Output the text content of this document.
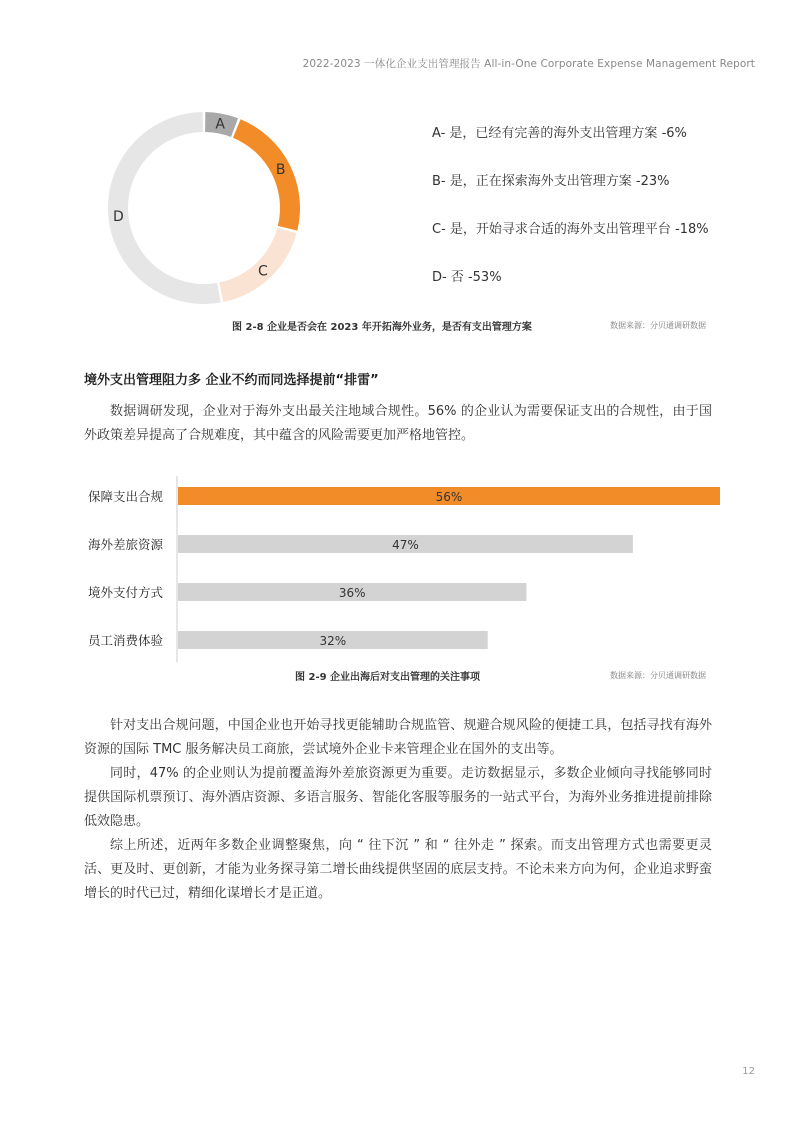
2022-2023 一体化企业支出管理报告 All-in-One Corporate Expense Management Report
A
B
C
D
A- 是，已经有完善的海外支出管理方案 -6%
B- 是，正在探索海外支出管理方案 -23%
C- 是，开始寻求合适的海外支出管理平台 -18%
D- 否 -53%
图 2-8 企业是否会在 2023 年开拓海外业务，是否有支出管理方案	数据来源：分贝通调研数据
境外支出管理阻力多 企业不约而同选择提前“排雷”
数据调研发现，企业对于海外支出最关注地域合规性。56% 的企业认为需要保证支出的合规性，由于国外政策差异提高了合规难度，其中蕴含的风险需要更加严格地管控。
保障支出合规	56%
海外差旅资源	47%
境外支付方式	36%
员工消费体验	32%
图 2-9 企业出海后对支出管理的关注事项	数据来源：分贝通调研数据
针对支出合规问题，中国企业也开始寻找更能辅助合规监管、规避合规风险的便捷工具，包括寻找有海外资源的国际 TMC 服务解决员工商旅，尝试境外企业卡来管理企业在国外的支出等。
同时，47% 的企业则认为提前覆盖海外差旅资源更为重要。走访数据显示，多数企业倾向寻找能够同时提供国际机票预订、海外酒店资源、多语言服务、智能化客服等服务的一站式平台，为海外业务推进提前排除低效隐患。
综上所述，近两年多数企业调整聚焦，向 “ 往下沉 ” 和 “ 往外走 ” 探索。而支出管理方式也需要更灵活、更及时、更创新，才能为业务探寻第二增长曲线提供坚固的底层支持。不论未来方向为何，企业追求野蛮增长的时代已过，精细化谋增长才是正道。
12
